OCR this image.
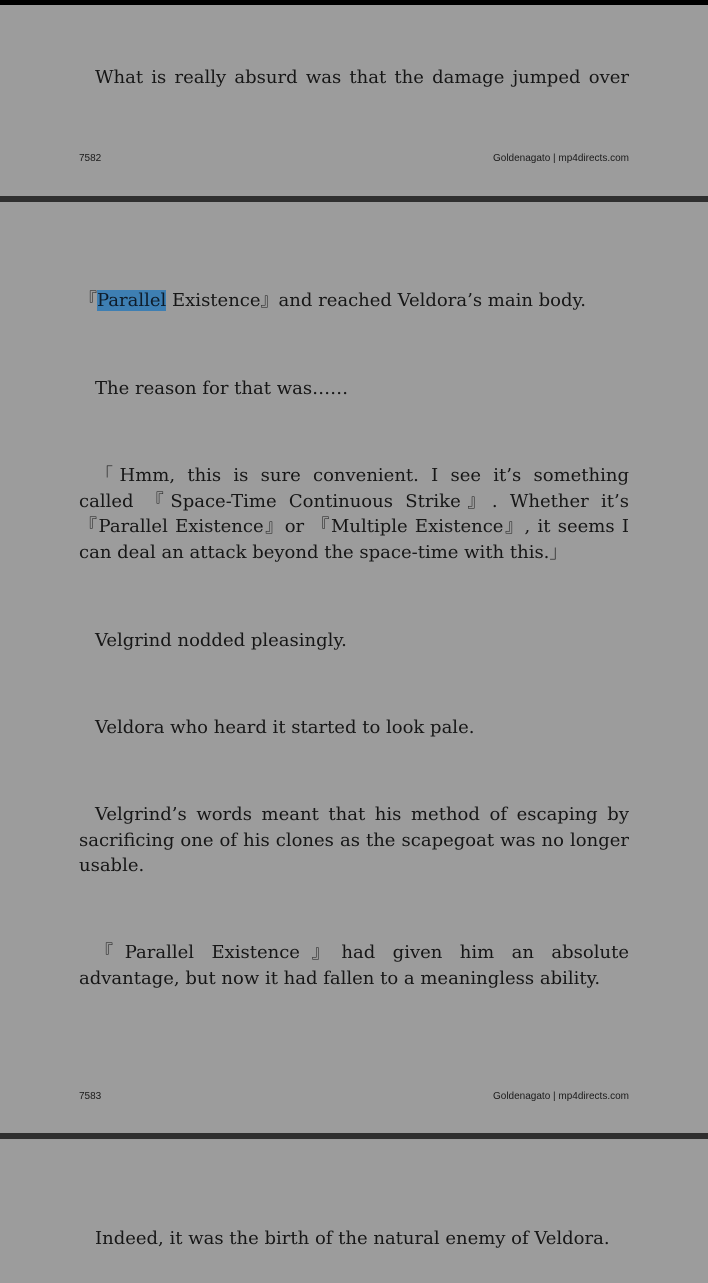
What is really absurd was that the damage jumped over

7582	Goldenagato | mp4directs.com

『Parallel Existence』and reached Veldora’s main body.

The reason for that was……

「Hmm, this is sure convenient. I see it’s something called 『Space-Time Continuous Strike』. Whether it’s 『Parallel Existence』or 『Multiple Existence』, it seems I can deal an attack beyond the space-time with this.」

Velgrind nodded pleasingly.

Veldora who heard it started to look pale.

Velgrind’s words meant that his method of escaping by sacrificing one of his clones as the scapegoat was no longer usable.

『Parallel Existence』had given him an absolute advantage, but now it had fallen to a meaningless ability.

7583	Goldenagato | mp4directs.com

Indeed, it was the birth of the natural enemy of Veldora.
